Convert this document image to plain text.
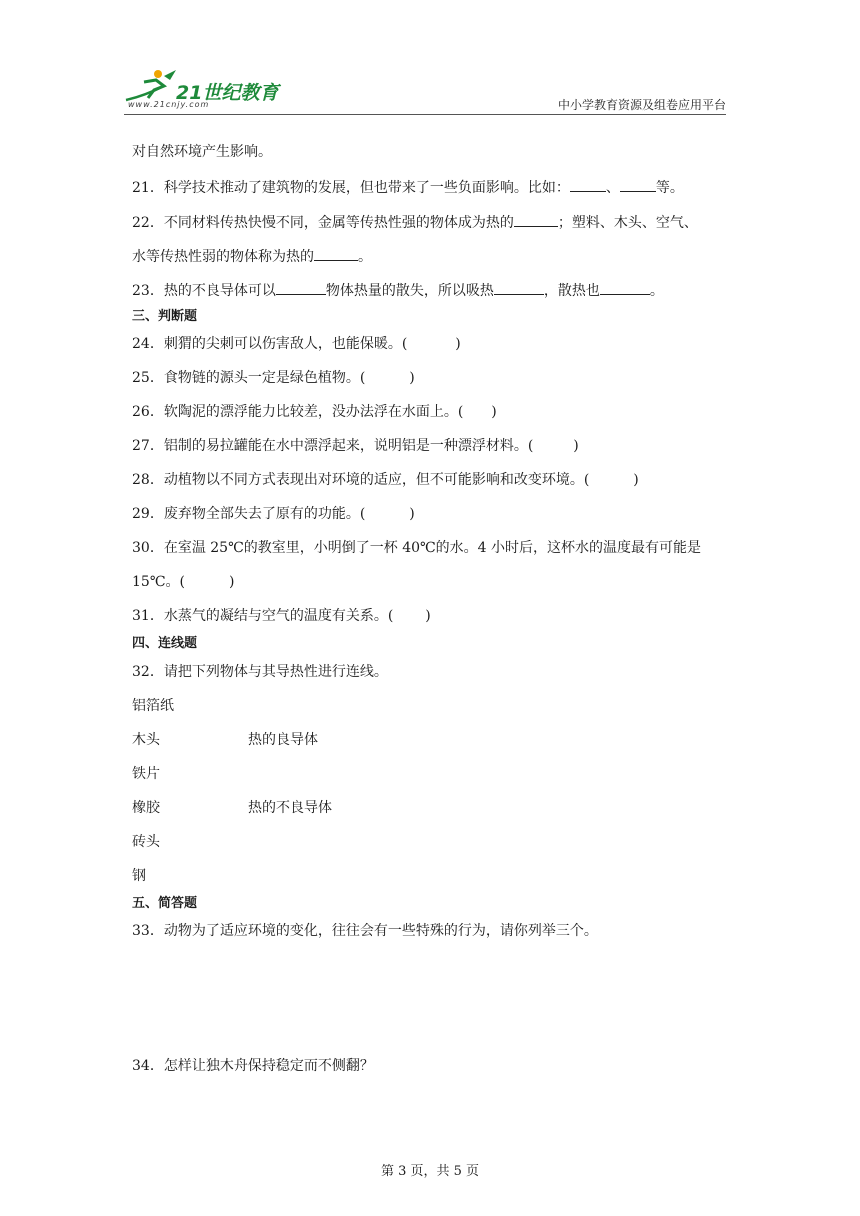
21世纪教育
www.21cnjy.com	中小学教育资源及组卷应用平台
对自然环境产生影响。
21．科学技术推动了建筑物的发展，但也带来了一些负面影响。比如：	、	等。
22．不同材料传热快慢不同，金属等传热性强的物体成为热的	；塑料、木头、空气、
水等传热性弱的物体称为热的	。
23．热的不良导体可以	物体热量的散失，所以吸热	，散热也	。
三、判断题
24．刺猬的尖刺可以伤害敌人，也能保暖。(	)
25．食物链的源头一定是绿色植物。(	)
26．软陶泥的漂浮能力比较差，没办法浮在水面上。( )
27．铝制的易拉罐能在水中漂浮起来，说明铝是一种漂浮材料。(	)
28．动植物以不同方式表现出对环境的适应，但不可能影响和改变环境。(	)
29．废弃物全部失去了原有的功能。(	)
30．在室温 25℃的教室里，小明倒了一杯 40℃的水。4 小时后，这杯水的温度最有可能是
15℃。(	)
31．水蒸气的凝结与空气的温度有关系。( )
四、连线题
32．请把下列物体与其导热性进行连线。
铝箔纸
木头
铁片
橡胶
砖头
钢
热的良导体
热的不良导体
五、简答题
33．动物为了适应环境的变化，往往会有一些特殊的行为，请你列举三个。
34．怎样让独木舟保持稳定而不侧翻？
第 3 页，共 5 页
